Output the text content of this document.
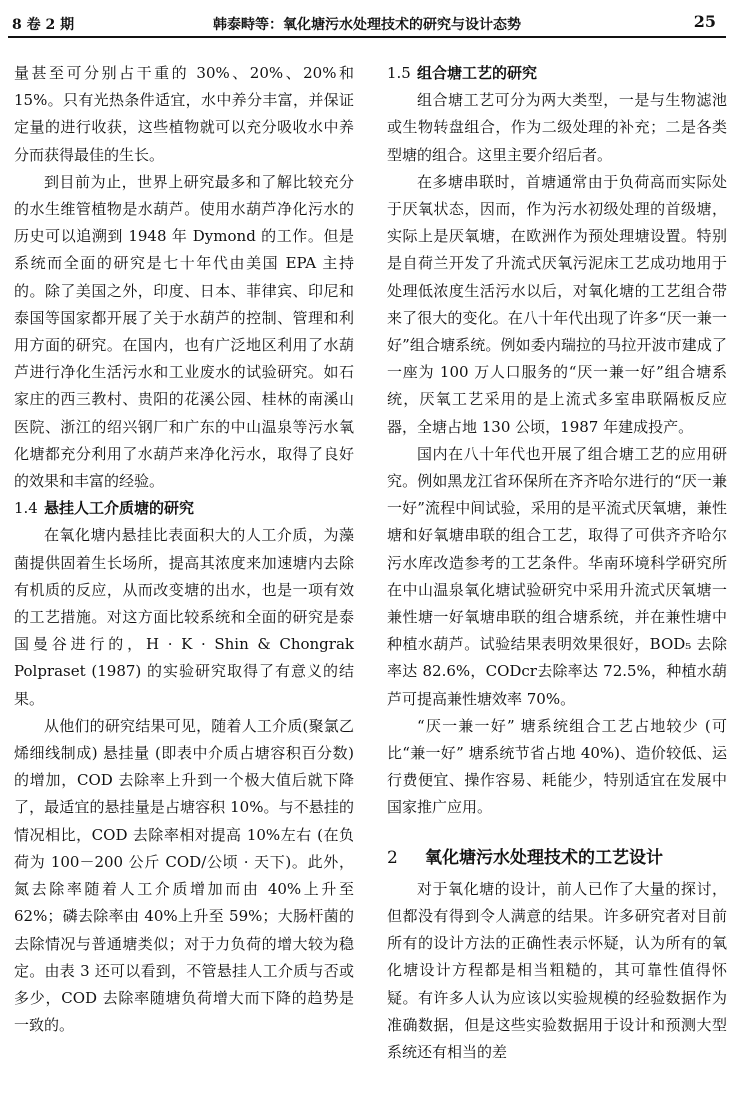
8 卷 2 期	韩泰畤等：氧化塘污水处理技术的研究与设计态势	25

量甚至可分别占干重的 30%、20%、20%和 15%。只有光热条件适宜，水中养分丰富，并保证定量的进行收获，这些植物就可以充分吸收水中养分而获得最佳的生长。

到目前为止，世界上研究最多和了解比较充分的水生维管植物是水葫芦。使用水葫芦净化污水的历史可以追溯到 1948 年 Dymond 的工作。但是系统而全面的研究是七十年代由美国 EPA 主持的。除了美国之外，印度、日本、菲律宾、印尼和泰国等国家都开展了关于水葫芦的控制、管理和利用方面的研究。在国内，也有广泛地区利用了水葫芦进行净化生活污水和工业废水的试验研究。如石家庄的西三教村、贵阳的花溪公园、桂林的南溪山医院、浙江的绍兴钢厂和广东的中山温泉等污水氧化塘都充分利用了水葫芦来净化污水，取得了良好的效果和丰富的经验。

1.4 悬挂人工介质塘的研究

在氧化塘内悬挂比表面积大的人工介质，为藻菌提供固着生长场所，提高其浓度来加速塘内去除有机质的反应，从而改变塘的出水，也是一项有效的工艺措施。对这方面比较系统和全面的研究是泰国曼谷进行的，H · K · Shin & Chongrak Polpraset (1987) 的实验研究取得了有意义的结果。

从他们的研究结果可见，随着人工介质(聚氯乙烯细线制成) 悬挂量 (即表中介质占塘容积百分数) 的增加，COD 去除率上升到一个极大值后就下降了，最适宜的悬挂量是占塘容积 10%。与不悬挂的情况相比，COD 去除率相对提高 10%左右 (在负荷为 100－200 公斤 COD/公顷 · 天下)。此外，氮去除率随着人工介质增加而由 40%上升至 62%；磷去除率由 40%上升至 59%；大肠杆菌的去除情况与普通塘类似；对于力负荷的增大较为稳定。由表 3 还可以看到，不管悬挂人工介质与否或多少，COD 去除率随塘负荷增大而下降的趋势是一致的。

1.5 组合塘工艺的研究

组合塘工艺可分为两大类型，一是与生物滤池或生物转盘组合，作为二级处理的补充；二是各类型塘的组合。这里主要介绍后者。

在多塘串联时，首塘通常由于负荷高而实际处于厌氧状态，因而，作为污水初级处理的首级塘，实际上是厌氧塘，在欧洲作为预处理塘设置。特别是自荷兰开发了升流式厌氧污泥床工艺成功地用于处理低浓度生活污水以后，对氧化塘的工艺组合带来了很大的变化。在八十年代出现了许多“厌一兼一好”组合塘系统。例如委内瑞拉的马拉开波市建成了一座为 100 万人口服务的“厌一兼一好”组合塘系统，厌氧工艺采用的是上流式多室串联隔板反应器，全塘占地 130 公顷，1987 年建成投产。

国内在八十年代也开展了组合塘工艺的应用研究。例如黑龙江省环保所在齐齐哈尔进行的“厌一兼一好”流程中间试验，采用的是平流式厌氧塘，兼性塘和好氧塘串联的组合工艺，取得了可供齐齐哈尔污水库改造参考的工艺条件。华南环境科学研究所在中山温泉氧化塘试验研究中采用升流式厌氧塘一兼性塘一好氧塘串联的组合塘系统，并在兼性塘中种植水葫芦。试验结果表明效果很好，BOD₅ 去除率达 82.6%，CODcr去除率达 72.5%，种植水葫芦可提高兼性塘效率 70%。

“厌一兼一好” 塘系统组合工艺占地较少 (可比“兼一好” 塘系统节省占地 40%)、造价较低、运行费便宜、操作容易、耗能少，特别适宜在发展中国家推广应用。

2 氧化塘污水处理技术的工艺设计

对于氧化塘的设计，前人已作了大量的探讨，但都没有得到令人满意的结果。许多研究者对目前所有的设计方法的正确性表示怀疑，认为所有的氧化塘设计方程都是相当粗糙的，其可靠性值得怀疑。有许多人认为应该以实验规模的经验数据作为准确数据，但是这些实验数据用于设计和预测大型系统还有相当的差
